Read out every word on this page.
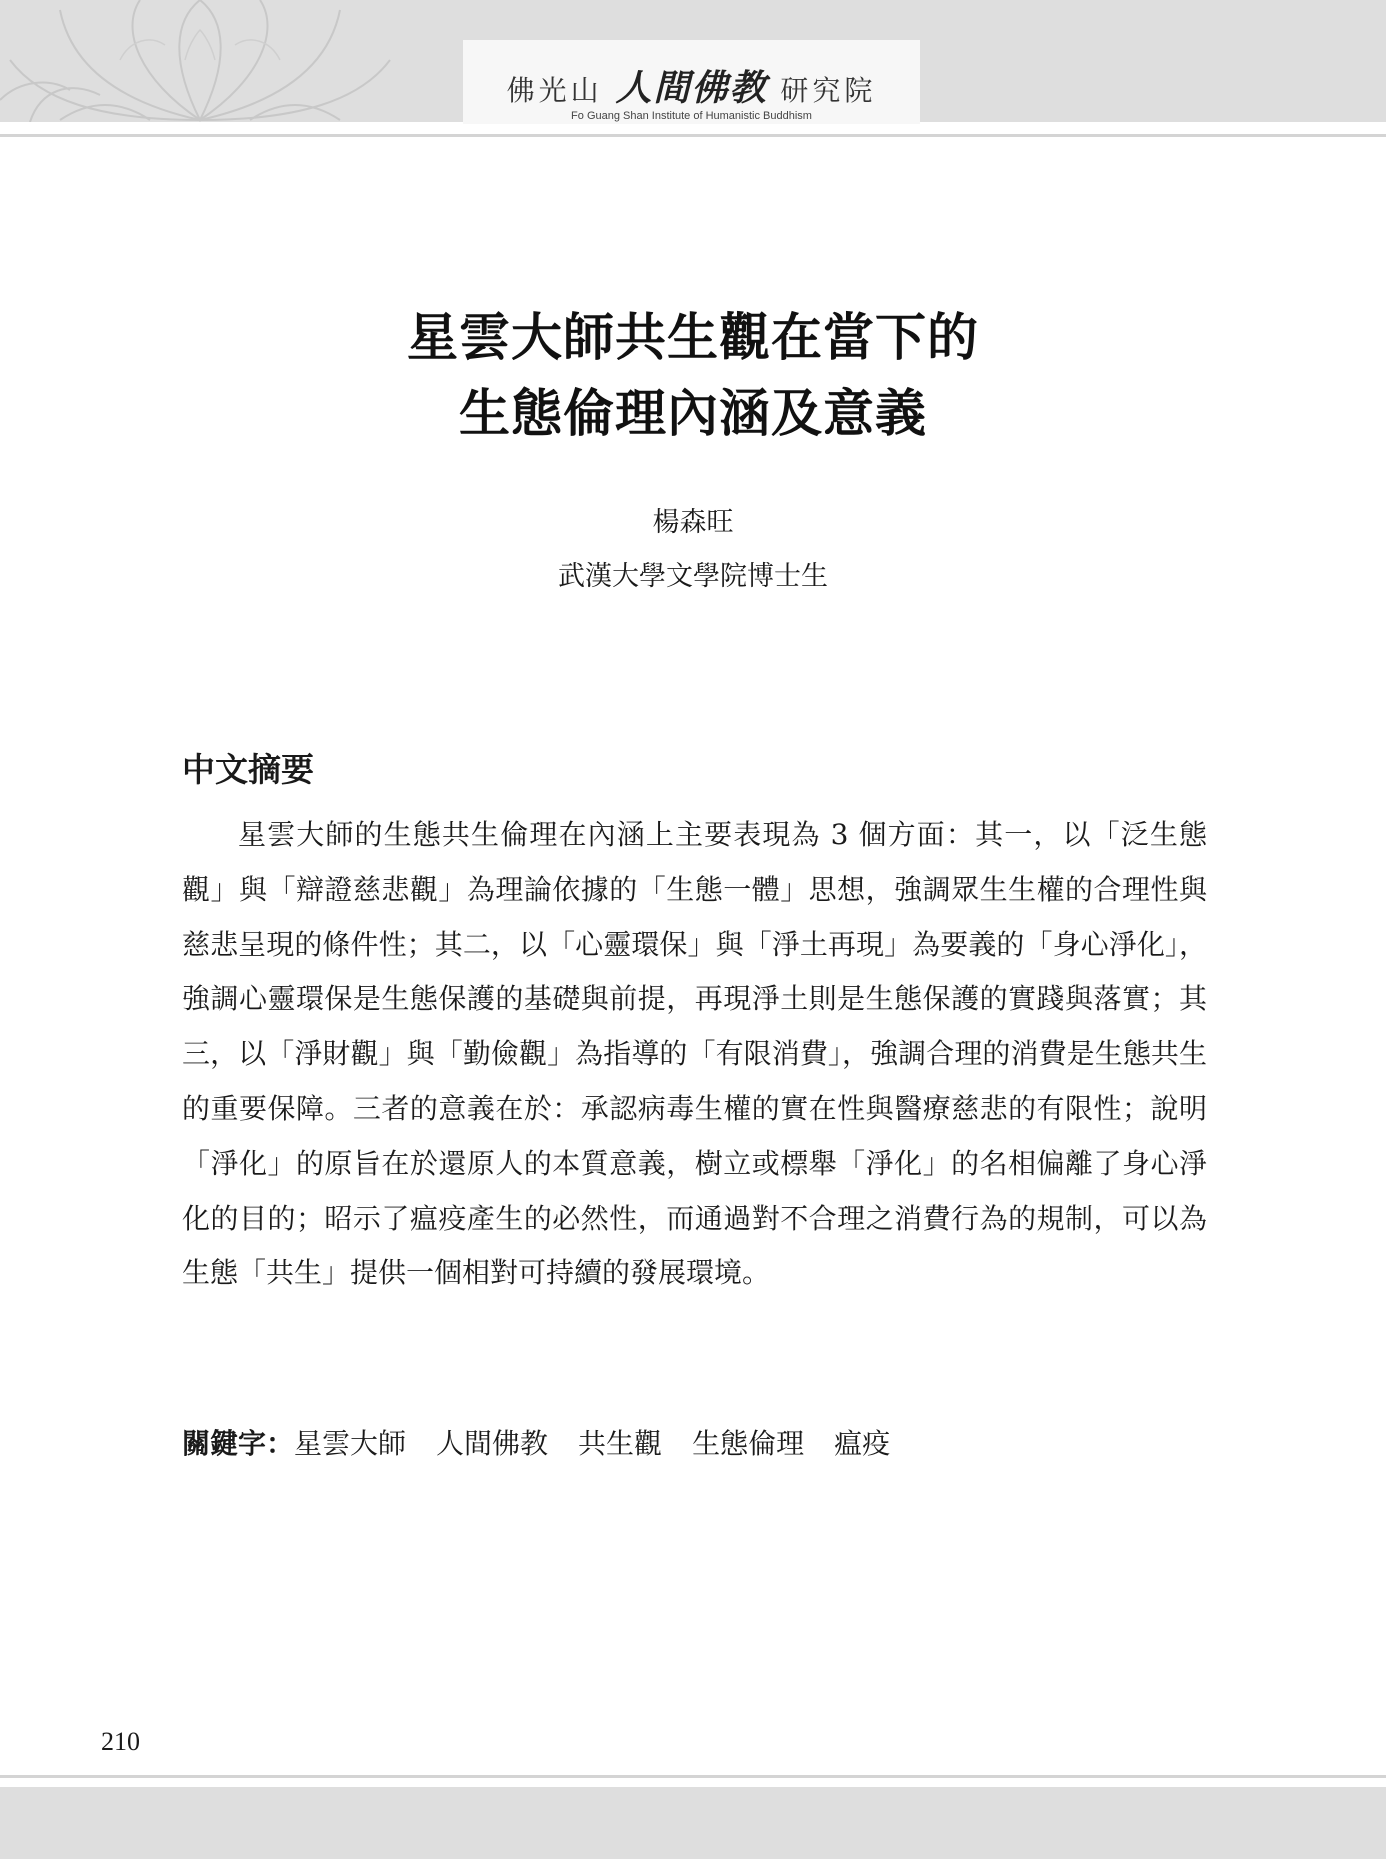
佛光山 人間佛教 研究院
Fo Guang Shan Institute of Humanistic Buddhism
星雲大師共生觀在當下的
生態倫理內涵及意義
楊森旺
武漢大學文學院博士生
中文摘要

星雲大師的生態共生倫理在內涵上主要表現為 3 個方面：其一，以「泛生態觀」與「辯證慈悲觀」為理論依據的「生態一體」思想，強調眾生生權的合理性與慈悲呈現的條件性；其二，以「心靈環保」與「淨土再現」為要義的「身心淨化」，強調心靈環保是生態保護的基礎與前提，再現淨土則是生態保護的實踐與落實；其三，以「淨財觀」與「勤儉觀」為指導的「有限消費」，強調合理的消費是生態共生的重要保障。三者的意義在於：承認病毒生權的實在性與醫療慈悲的有限性；說明「淨化」的原旨在於還原人的本質意義，樹立或標舉「淨化」的名相偏離了身心淨化的目的；昭示了瘟疫產生的必然性，而通過對不合理之消費行為的規制，可以為生態「共生」提供一個相對可持續的發展環境。

關鍵字：星雲大師 人間佛教 共生觀 生態倫理 瘟疫
210
